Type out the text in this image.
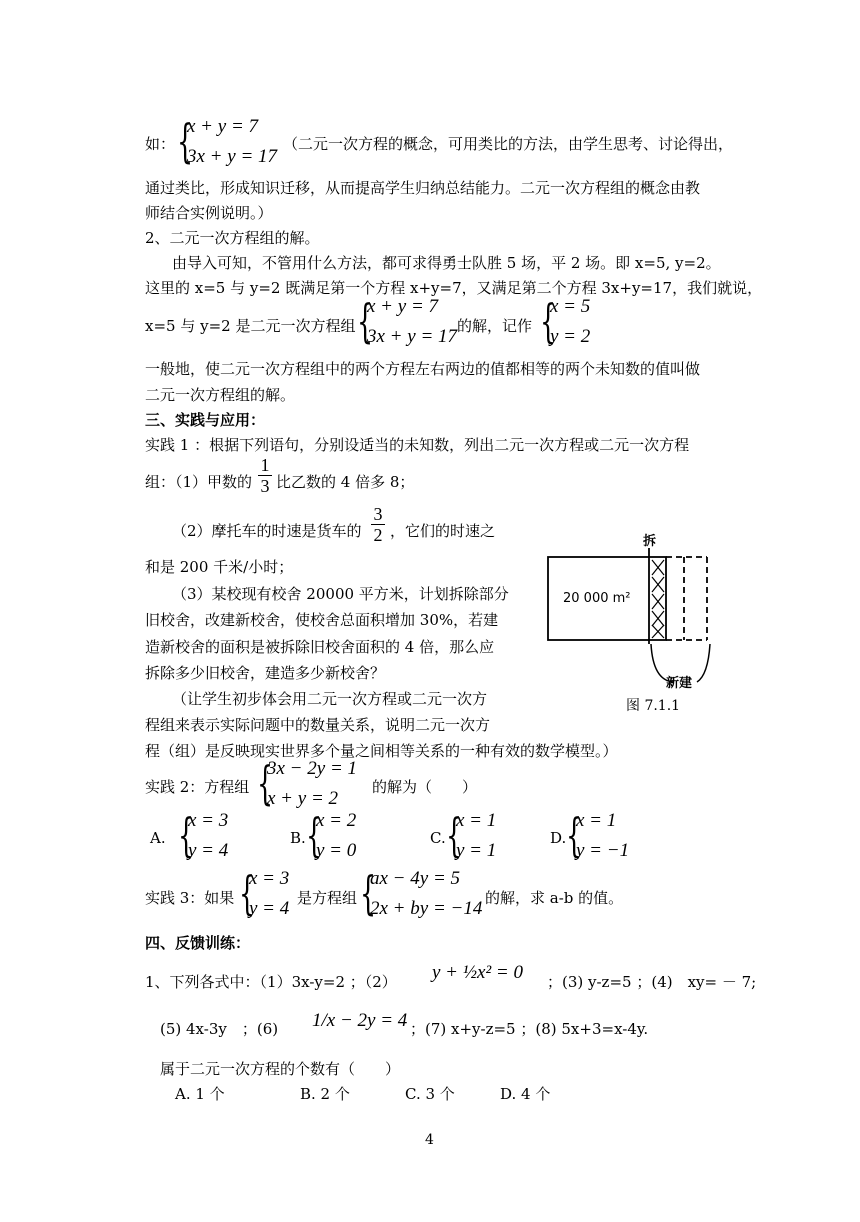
如： {
x + y = 7
3x + y = 17
（二元一次方程的概念，可用类比的方法，由学生思考、讨论得出，
通过类比，形成知识迁移，从而提高学生归纳总结能力。二元一次方程组的概念由教
师结合实例说明。）
2、二元一次方程组的解。
由导入可知，不管用什么方法，都可求得勇士队胜 5 场，平 2 场。即 x=5, y=2。
这里的 x=5 与 y=2 既满足第一个方程 x+y=7，又满足第二个方程 3x+y=17，我们就说，
x=5 与 y=2 是二元一次方程组 {
x + y = 7
3x + y = 17 的解，记作 {
x = 5
y = 2
一般地，使二元一次方程组中的两个方程左右两边的值都相等的两个未知数的值叫做
二元一次方程组的解。
三、实践与应用：
实践 1 ：根据下列语句，分别设适当的未知数，列出二元一次方程或二元一次方程
组：（1）甲数的
1
3 比乙数的 4 倍多 8；
（2）摩托车的时速是货车的
3
2 ，它们的时速之
和是 200 千米/小时；
（3）某校现有校舍 20000 平方米，计划拆除部分
旧校舍，改建新校舍，使校舍总面积增加 30%，若建
造新校舍的面积是被拆除旧校舍面积的 4 倍，那么应
拆除多少旧校舍，建造多少新校舍？
（让学生初步体会用二元一次方程或二元一次方
程组来表示实际问题中的数量关系，说明二元一次方
程（组）是反映现实世界多个量之间相等关系的一种有效的数学模型。）
拆
20 000 m²
新建
图 7.1.1
实践 2：方程组 {
3x − 2y = 1
x + y = 2
的解为（　　）
A. {
x = 3
y = 4
B. {
x = 2
y = 0
C. {
x = 1
y = 1
D. {
x = 1
y = −1
实践 3：如果 {
x = 3
y = 4 是方程组 {
ax − 4y = 5
2x + by = −14 的解，求 a-b 的值。
四、反馈训练：
1、下列各式中：（1）3x-y=2 ；（2） y + ½x² = 0 ；(3) y-z=5 ；(4)　xy= － 7;
(5) 4x-3y　；(6) 1/x − 2y = 4 ；(7) x+y-z=5 ；(8) 5x+3=x-4y.
属于二元一次方程的个数有（　　）
A. 1 个	B. 2 个	C. 3 个	D. 4 个
4
